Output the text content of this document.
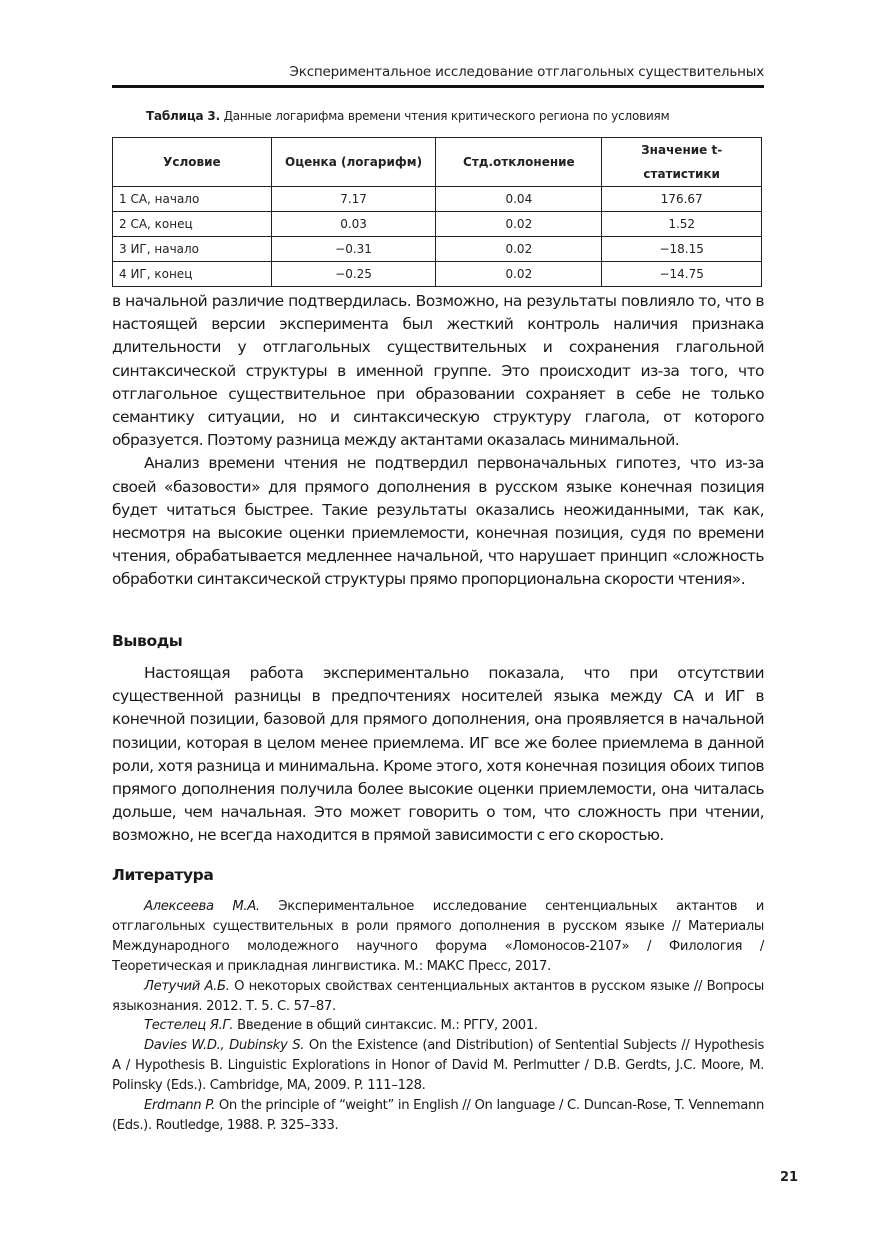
Экспериментальное исследование отглагольных существительных
Таблица 3. Данные логарифма времени чтения критического региона по условиям
Условие	Оценка (логарифм)	Стд.отклонение	Значение t-статистики
1 СА, начало	7.17	0.04	176.67
2 СА, конец	0.03	0.02	1.52
3 ИГ, начало	−0.31	0.02	−18.15
4 ИГ, конец	−0.25	0.02	−14.75

в начальной различие подтвердилась. Возможно, на результаты повлияло то, что в настоящей версии эксперимента был жесткий контроль наличия признака длительности у отглагольных существительных и сохранения глагольной синтаксической структуры в именной группе. Это происходит из-за того, что отглагольное существительное при образовании сохраняет в себе не только семантику ситуации, но и синтаксическую структуру глагола, от которого образуется. Поэтому разница между актантами оказалась минимальной.

Анализ времени чтения не подтвердил первоначальных гипотез, что из-за своей «базовости» для прямого дополнения в русском языке конечная позиция будет читаться быстрее. Такие результаты оказались неожиданными, так как, несмотря на высокие оценки приемлемости, конечная позиция, судя по времени чтения, обрабатывается медленнее начальной, что нарушает принцип «сложность обработки синтаксической структуры прямо пропорциональна скорости чтения».

Выводы

Настоящая работа экспериментально показала, что при отсутствии существенной разницы в предпочтениях носителей языка между СА и ИГ в конечной позиции, базовой для прямого дополнения, она проявляется в начальной позиции, которая в целом менее приемлема. ИГ все же более приемлема в данной роли, хотя разница и минимальна. Кроме этого, хотя конечная позиция обоих типов прямого дополнения получила более высокие оценки приемлемости, она читалась дольше, чем начальная. Это может говорить о том, что сложность при чтении, возможно, не всегда находится в прямой зависимости с его скоростью.

Литература

Алексеева М.А. Экспериментальное исследование сентенциальных актантов и отглагольных существительных в роли прямого дополнения в русском языке // Материалы Международного молодежного научного форума «Ломоносов-2107» / Филология / Теоретическая и прикладная лингвистика. М.: МАКС Пресс, 2017.

Летучий А.Б. О некоторых свойствах сентенциальных актантов в русском языке // Вопросы языкознания. 2012. Т. 5. С. 57–87.

Тестелец Я.Г. Введение в общий синтаксис. М.: РГГУ, 2001.

Davies W.D., Dubinsky S. On the Existence (and Distribution) of Sentential Subjects // Hypothesis A / Hypothesis B. Linguistic Explorations in Honor of David M. Perlmutter / D.B. Gerdts, J.C. Moore, M. Polinsky (Eds.). Cambridge, MA, 2009. P. 111–128.

Erdmann P. On the principle of “weight” in English // On language / C. Duncan-Rose, T. Vennemann (Eds.). Routledge, 1988. P. 325–333.

21
